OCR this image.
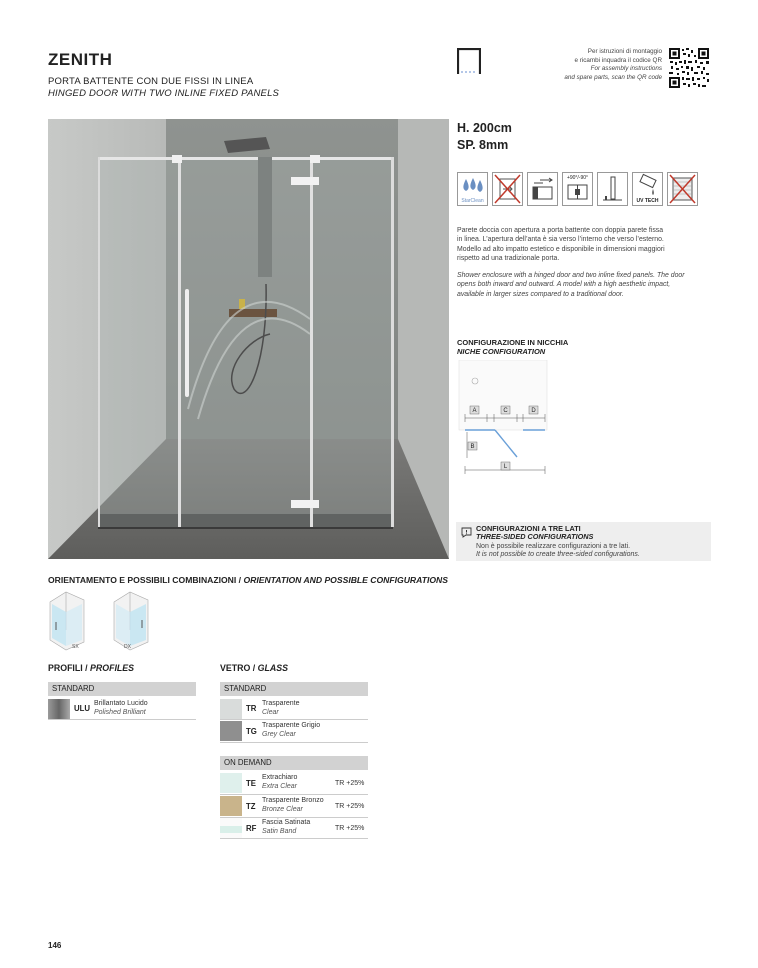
ZENITH
PORTA BATTENTE CON DUE FISSI IN LINEA
HINGED DOOR WITH TWO INLINE FIXED PANELS
Per istruzioni di montaggio
e ricambi inquadra il codice QR
For assembly instructions
and spare parts, scan the QR code
H. 200cm
SP. 8mm
StarClean
+90°/-90°
UV TECH
Parete doccia con apertura a porta battente con doppia parete fissa
in linea. L’apertura dell’anta è sia verso l’interno che verso l’esterno.
Modello ad alto impatto estetico e disponibile in dimensioni maggiori
rispetto ad una tradizionale porta.
Shower enclosure with a hinged door and two inline fixed panels. The door
opens both inward and outward. A model with a high aesthetic impact,
available in larger sizes compared to a traditional door.
CONFIGURAZIONE IN NICCHIA
NICHE CONFIGURATION
A	C	D
B
L
CONFIGURAZIONI A TRE LATI
THREE-SIDED CONFIGURATIONS
Non è possibile realizzare configurazioni a tre lati.
It is not possible to create three-sided configurations.
ORIENTAMENTO E POSSIBILI COMBINAZIONI / ORIENTATION AND POSSIBLE CONFIGURATIONS
SX	DX
PROFILI / PROFILES
STANDARD
ULU
Brillantato Lucido
Polished Brilliant
VETRO / GLASS
STANDARD
TR
Trasparente
Clear
TG
Trasparente Grigio
Grey Clear
ON DEMAND
TE
Extrachiaro
Extra Clear	TR +25%
TZ
Trasparente Bronzo
Bronze Clear	TR +25%
RF
Fascia Satinata
Satin Band	TR +25%
146
